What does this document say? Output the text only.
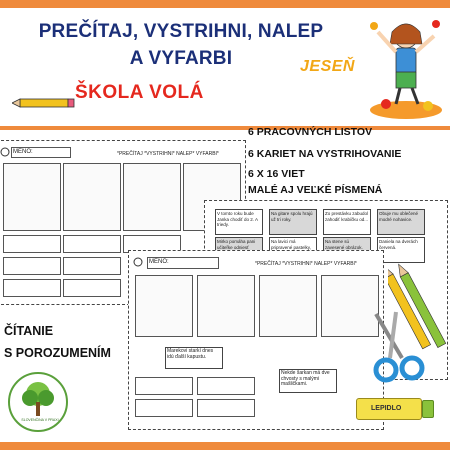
PREČÍTAJ, VYSTRIHNI, NALEP
A VYFARBI
ŠKOLA VOLÁ
JESEŇ
MENO:	*PREČÍTAJ *VYSTRIHNI* NALEP* VYFARBI*
6 PRACOVNÝCH LISTOV
6 KARIET NA VYSTRIHOVANIE
6 X 16 VIET
MALÉ AJ VEĽKÉ PÍSMENÁ
V tomto roku bude Janka chodiť do 2. A triedy.
Na gitare spolu hrajú už tri roky.
Zo prestávku zabudol zahodiť krabičku od...
Obuje mu oblečené modré nohavice.
Mirko pomáha pani učiteľke odniesť
Na lavici má pripravené pastelky,
Na stene sú zavesené obrázok.
Daniela na dverách červená.
MENO:	*PREČÍTAJ *VYSTRIHNI* NALEP* VYFARBI*
Marekovi starkí dnes idú ďalší kapustu.
Nekde šarkan má dve chvosty s malými mašličkami.
ČÍTANIE
S POROZUMENÍM
SLOVENČINA V PRAXI
LEPIDLO
